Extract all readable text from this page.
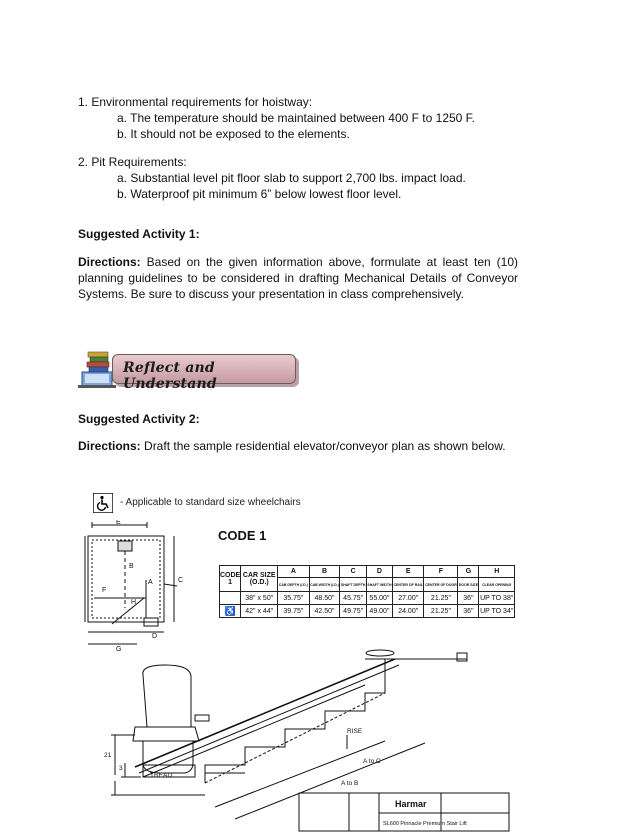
1. Environmental requirements for hoistway:
a. The temperature should be maintained between 400 F to 1250 F.
b. It should not be exposed to the elements.
2. Pit Requirements:
a. Substantial level pit floor slab to support 2,700 lbs. impact load.
b. Waterproof pit minimum 6” below lowest floor level.
Suggested Activity 1:
Directions: Based on the given information above, formulate at least ten (10) planning guidelines to be considered in drafting Mechanical Details of Conveyor Systems. Be sure to discuss your presentation in class comprehensively.
Reflect and Understand
Suggested Activity 2:
Directions: Draft the sample residential elevator/conveyor plan as shown below.
- Applicable to standard size wheelchairs
E
B
A	C
F
H
D
G
CODE 1
CODE 1	CAR SIZE (O.D.)	A	B	C	D	E	F	G	H
		CAB DEPTH (I.D.)	CAB WIDTH (I.D.)	SHAFT DEPTH	SHAFT WIDTH	CENTER OF RAIL	CENTER OF DOOR	DOOR SIZE	CLEAR OPENING
	38" x 50"	35.75"	48.50"	45.75"	55.00"	27.00"	21.25"	36"	UP TO 38"
♿	42" x 44"	39.75"	42.50"	49.75"	49.00"	24.00"	21.25"	36"	UP TO 34"
RISE
A to C
A to B
TREAD
21
3
Harmar
SL600 Pinnacle Premium Stair Lift
